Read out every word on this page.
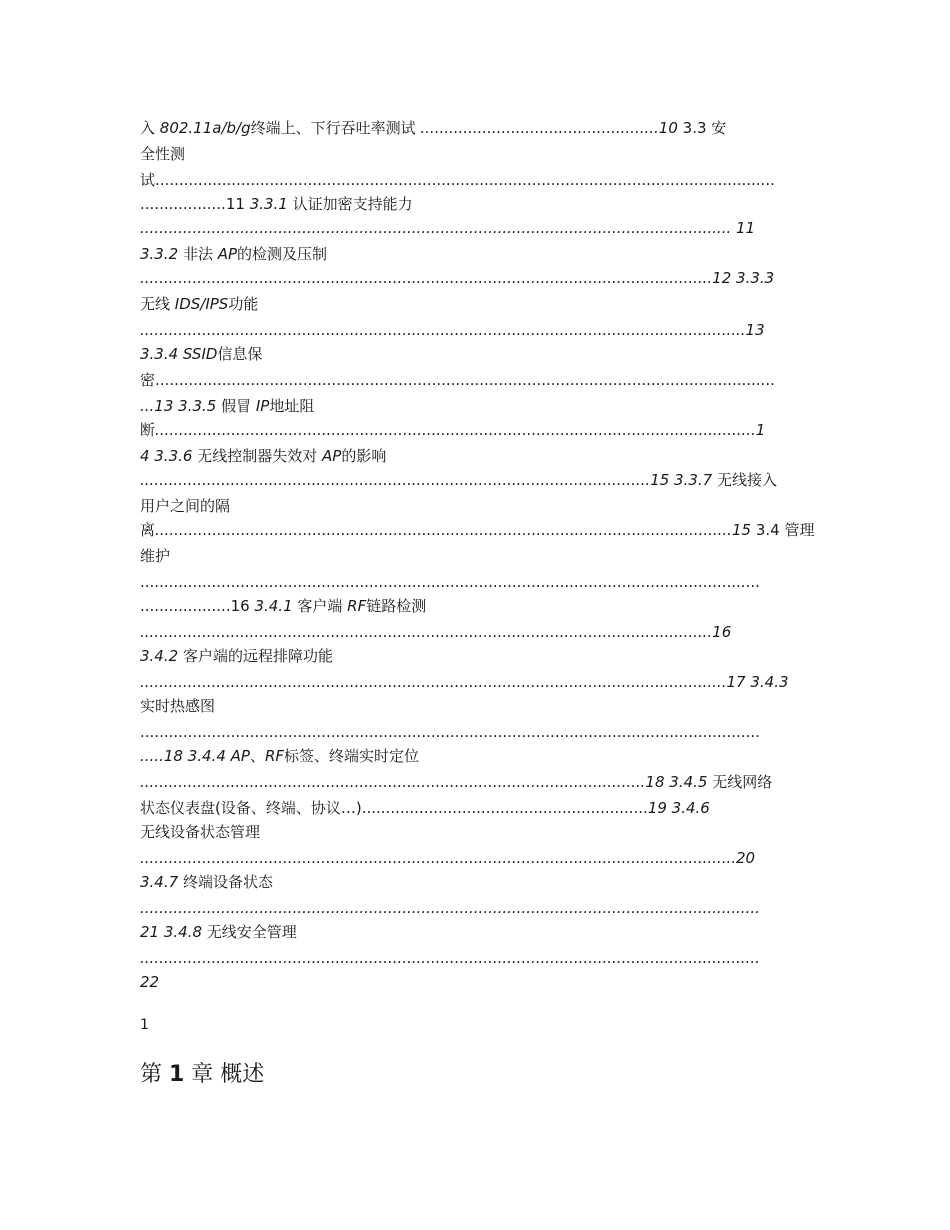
入 802.11a/b/g终端上、下行吞吐率测试 ..................................................10 3.3 安
全性测
试..................................................................................................................................
..................11 3.3.1 认证加密支持能力
............................................................................................................................ 11
3.3.2 非法 AP的检测及压制
........................................................................................................................12 3.3.3
无线 IDS/IPS功能
...............................................................................................................................13
3.3.4 SSID信息保
密..................................................................................................................................
...13 3.3.5 假冒 IP地址阻
断..............................................................................................................................1
4 3.3.6 无线控制器失效对 AP的影响
...........................................................................................................15 3.3.7 无线接入
用户之间的隔
离.........................................................................................................................15 3.4 管理
维护
..................................................................................................................................
...................16 3.4.1 客户端 RF链路检测
........................................................................................................................16
3.4.2 客户端的远程排障功能
...........................................................................................................................17 3.4.3
实时热感图
..................................................................................................................................
.....18 3.4.4 AP、RF标签、终端实时定位
..........................................................................................................18 3.4.5 无线网络
状态仪表盘(设备、终端、协议…)............................................................19 3.4.6
无线设备状态管理
.............................................................................................................................20
3.4.7 终端设备状态
..................................................................................................................................
21 3.4.8 无线安全管理
..................................................................................................................................
22
1
第 1 章 概述
